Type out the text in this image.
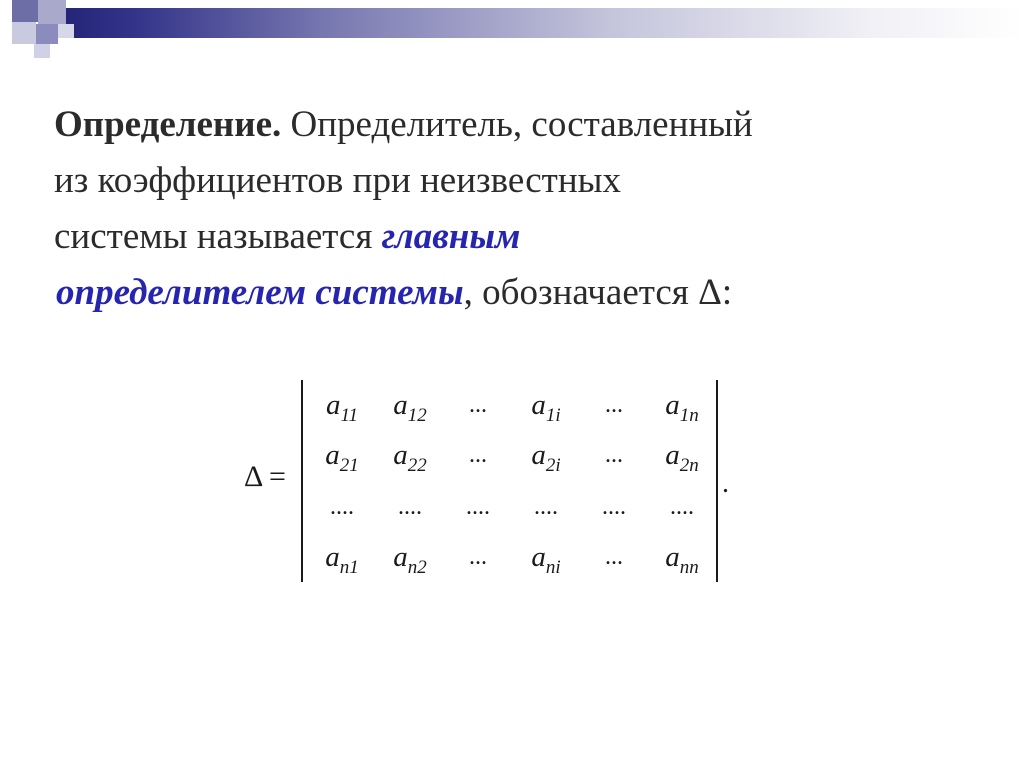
Определение. Определитель, составленный
из коэффициентов при неизвестных
системы называется главным
определителем системы, обозначается Δ:

Δ =
$a_{11}$	$a_{12}$	...	$a_{1i}$	...	$a_{1n}$
$a_{21}$	$a_{22}$	...	$a_{2i}$	...	$a_{2n}$
....	....	....	....	....	....
$a_{n1}$	$a_{n2}$	...	$a_{ni}$	...	$a_{nn}$
.
